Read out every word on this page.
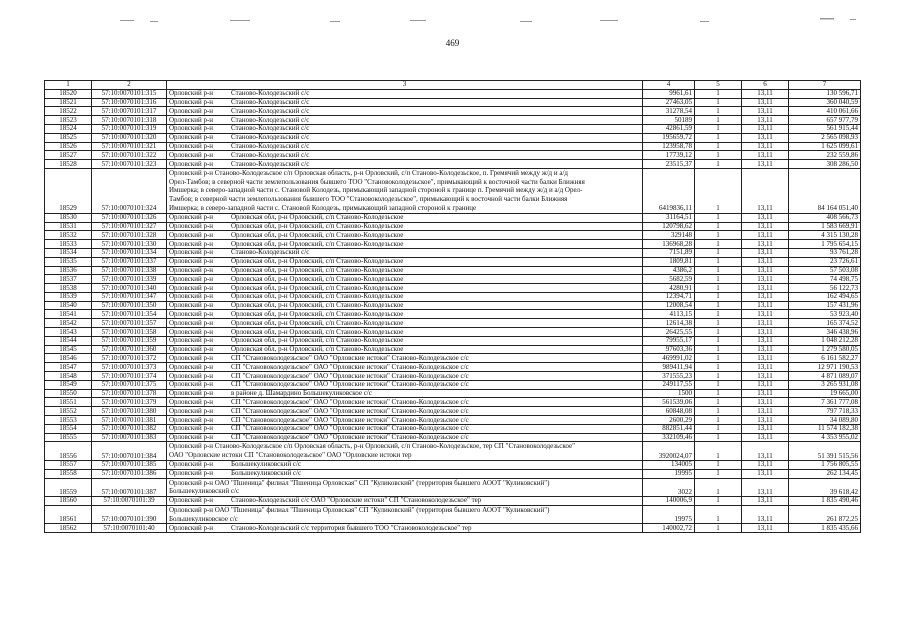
469
1	2	3	4	5	6	7
18520	57:10:0070101:315	Орловский р-н Станово-Колодезьский с/с	9961,61	1	13,11	130 596,71
18521	57:10:0070101:316	Орловский р-н Станово-Колодезьский с/с	27463,05	1	13,11	360 040,59
18522	57:10:0070101:317	Орловский р-н Станово-Колодезьский с/с	31278,54	1	13,11	410 061,66
18523	57:10:0070101:318	Орловский р-н Станово-Колодезьский с/с	50189	1	13,11	657 977,79
18524	57:10:0070101:319	Орловский р-н Станово-Колодезьский с/с	42861,59	1	13,11	561 915,44
18525	57:10:0070101:320	Орловский р-н Станово-Колодезьский с/с	195659,72	1	13,11	2 565 098,93
18526	57:10:0070101:321	Орловский р-н Станово-Колодезьский с/с	123958,78	1	13,11	1 625 099,61
18527	57:10:0070101:322	Орловский р-н Станово-Колодезьский с/с	17739,12	1	13,11	232 559,86
18528	57:10:0070101:323	Орловский р-н Станово-Колодезьский с/с	23515,37	1	13,11	308 286,50
18529	57:10:0070101:324	Орловский р-н Станово-Колодезьское с/п Орловская область, р-н Орловский, с/п Станово-Колодезьское, п. Гремячий между ж/д и а/д
Орел-Тамбов; в северной части землепользования бывшего ТОО "Становоколодезьское", примыкающий к восточной части балки Ближняя
Имшерка; в северо-западной части с. Становой Колодезь, примыкающий западной стороной к границе п. Гремячий между ж/д и а/д Орел-
Тамбов; в северной части землепользования бывшего ТОО "Становоколодезьское", примыкающий к восточной части балки Ближняя
Имшерка; в северо-западной части с. Становой Колодезь, примыкающий западной стороной к границе	6419836,11	1	13,11	84 164 051,40
18530	57:10:0070101:326	Орловский р-н Орловская обл, р-н Орловский, с/п Станово-Колодезьское	31164,51	1	13,11	408 566,73
18531	57:10:0070101:327	Орловский р-н Орловская обл, р-н Орловский, с/п Станово-Колодезьское	120798,62	1	13,11	1 583 669,91
18532	57:10:0070101:328	Орловский р-н Орловская обл, р-н Орловский, с/п Станово-Колодезьское	329148	1	13,11	4 315 130,28
18533	57:10:0070101:330	Орловский р-н Орловская обл, р-н Орловский, с/п Станово-Колодезьское	136968,28	1	13,11	1 795 654,15
18534	57:10:0070101:334	Орловский р-н Станово-Колодезьский с/с	7151,89	1	13,11	93 761,28
18535	57:10:0070101:337	Орловский р-н Орловская обл, р-н Орловский, с/п Станово-Колодезьское	1809,81	1	13,11	23 726,61
18536	57:10:0070101:338	Орловский р-н Орловская обл, р-н Орловский, с/п Станово-Колодезьское	4386,2	1	13,11	57 503,08
18537	57:10:0070101:339	Орловский р-н Орловская обл, р-н Орловский, с/п Станово-Колодезьское	5682,59	1	13,11	74 498,75
18538	57:10:0070101:340	Орловский р-н Орловская обл, р-н Орловский, с/п Станово-Колодезьское	4280,91	1	13,11	56 122,73
18539	57:10:0070101:347	Орловский р-н Орловская обл, р-н Орловский, с/п Станово-Колодезьское	12394,71	1	13,11	162 494,65
18540	57:10:0070101:350	Орловский р-н Орловская обл, р-н Орловский, с/п Станово-Колодезьское	12008,54	1	13,11	157 431,96
18541	57:10:0070101:354	Орловский р-н Орловская обл, р-н Орловский, с/п Станово-Колодезьское	4113,15	1	13,11	53 923,40
18542	57:10:0070101:357	Орловский р-н Орловская обл, р-н Орловский, с/п Станово-Колодезьское	12614,38	1	13,11	165 374,52
18543	57:10:0070101:358	Орловский р-н Орловская обл, р-н Орловский, с/п Станово-Колодезьское	26425,55	1	13,11	346 438,96
18544	57:10:0070101:359	Орловский р-н Орловская обл, р-н Орловский, с/п Станово-Колодезьское	79955,17	1	13,11	1 048 212,28
18545	57:10:0070101:360	Орловский р-н Орловская обл, р-н Орловский, с/п Станово-Колодезьское	97603,36	1	13,11	1 279 580,05
18546	57:10:0070101:372	Орловский р-н СП "Становоколодезьское" ОАО "Орловские истоки" Станово-Колодезьское с/с	469991,02	1	13,11	6 161 582,27
18547	57:10:0070101:373	Орловский р-н СП "Становоколодезьское" ОАО "Орловские истоки" Станово-Колодезьское с/с	989411,94	1	13,11	12 971 190,53
18548	57:10:0070101:374	Орловский р-н СП "Становоколодезьское" ОАО "Орловские истоки" Станово-Колодезьское с/с	371555,23	1	13,11	4 871 089,07
18549	57:10:0070101:375	Орловский р-н СП "Становоколодезьское" ОАО "Орловские истоки" Станово-Колодезьское с/с	249117,55	1	13,11	3 265 931,08
18550	57:10:0070101:378	Орловский р-н в районе д. Шамардино Большекуликовское с/с	1500	1	13,11	19 665,00
18551	57:10:0070101:379	Орловский р-н СП "Становоколодезьское" ОАО "Орловские истоки" Станово-Колодезьское с/с	561539,06	1	13,11	7 361 777,08
18552	57:10:0070101:380	Орловский р-н СП "Становоколодезьское" ОАО "Орловские истоки" Станово-Колодезьское с/с	60848,08	1	13,11	797 718,33
18553	57:10:0070101:381	Орловский р-н СП "Становоколодезьское" ОАО "Орловские истоки" Станово-Колодезьское с/с	2600,29	1	13,11	34 089,80
18554	57:10:0070101:382	Орловский р-н СП "Становоколодезьское" ОАО "Орловские истоки" Станово-Колодезьское с/с	882851,44	1	13,11	11 574 182,38
18555	57:10:0070101:383	Орловский р-н СП "Становоколодезьское" ОАО "Орловские истоки" Станово-Колодезьское с/с	332109,46	1	13,11	4 353 955,02
18556	57:10:0070101:384	Орловский р-н Станово-Колодезьское с/п Орловская область, р-н Орловский, с/п Станово-Колодезьское, тер СП "Становоколодезьское"
ОАО "Орловские истоки СП "Становоколодезьское" ОАО "Орловские истоки тер	3920024,07	1	13,11	51 391 515,56
18557	57:10:0070101:385	Орловский р-н Большекуликовский с/с	134005	1	13,11	1 756 805,55
18558	57:10:0070101:386	Орловский р-н Большекуликовский с/с	19995	1	13,11	262 134,45
18559	57:10:0070101:387	Орловский р-н ОАО "Пшеница" филиал "Пшеница Орловская" СП "Куликовский" (территория бывшего АООТ "Куликовский")
Большекуликовский с/с	3022	1	13,11	39 618,42
18560	57:10:0070101:39	Орловский р-н Станово-Колодезьский с/с ОАО "Орловские истоки" СП "Становоколодезьское" тер	140006,9	1	13,11	1 835 490,46
18561	57:10:0070101:390	Орловский р-н ОАО "Пшеница" филиал "Пшеница Орловская" СП "Куликовский" (территория бывшего АООТ "Куликовский")
Большекуликовское с/с	19975	1	13,11	261 872,25
18562	57:10:0070101:40	Орловский р-н Станово-Колодезьский с/с территория бывшего ТОО "Становоколодезьское" тер	140002,72	1	13,11	1 835 435,66
